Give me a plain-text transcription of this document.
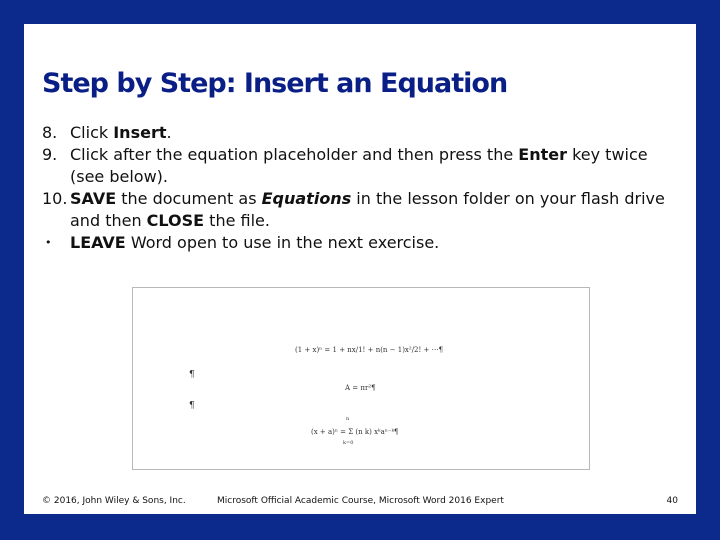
Step by Step: Insert an Equation
8. Click Insert.
9. Click after the equation placeholder and then press the Enter key twice (see below).
10. SAVE the document as Equations in the lesson folder on your flash drive and then CLOSE the file.
• LEAVE Word open to use in the next exercise.
¶
¶
(1 + x)ⁿ = 1 + nx/1! + n(n − 1)x²/2! + ⋯¶
A = πr²¶
n
(x + a)ⁿ = Σ (n k) xᵏaⁿ⁻ᵏ¶
k=0
© 2016, John Wiley & Sons, Inc.	Microsoft Official Academic Course, Microsoft Word 2016 Expert	40
